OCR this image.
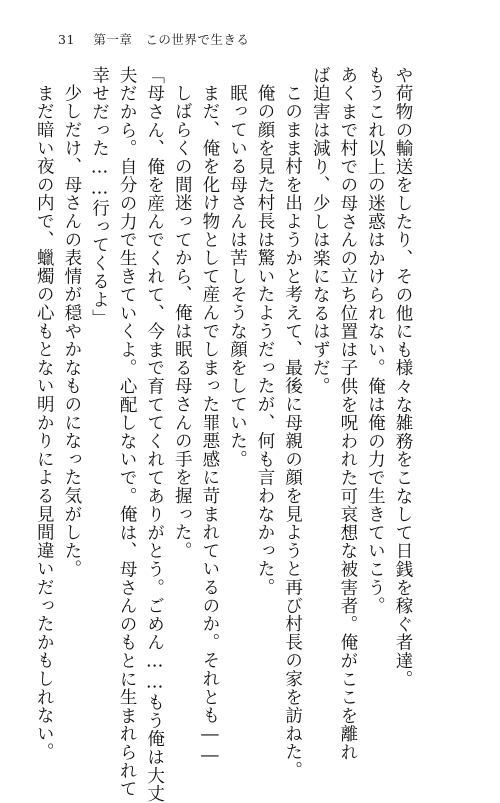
31 第一章　この世界で生きる
や荷物の輸送をしたり、その他にも様々な雑務をこなして日銭を稼ぐ者達。
もうこれ以上の迷惑はかけられない。俺は俺の力で生きていこう。
あくまで村での母さんの立ち位置は子供を呪われた可哀想な被害者。俺がここを離れ
ば迫害は減り、少しは楽になるはずだ。
このまま村を出ようかと考えて、最後に母親の顔を見ようと再び村長の家を訪ねた。
俺の顔を見た村長は驚いたようだったが、何も言わなかった。
眠っている母さんは苦しそうな顔をしていた。
まだ、俺を化け物として産んでしまった罪悪感に苛まれているのか。それとも――
しばらくの間迷ってから、俺は眠る母さんの手を握った。
「母さん、俺を産んでくれて、今まで育ててくれてありがとう。ごめん……もう俺は大丈
夫だから。自分の力で生きていくよ。心配しないで。俺は、母さんのもとに生まれられて
幸せだった……行ってくるよ」
少しだけ、母さんの表情が穏やかなものになった気がした。
まだ暗い夜の内で、蠟燭の心もとない明かりによる見間違いだったかもしれない。
